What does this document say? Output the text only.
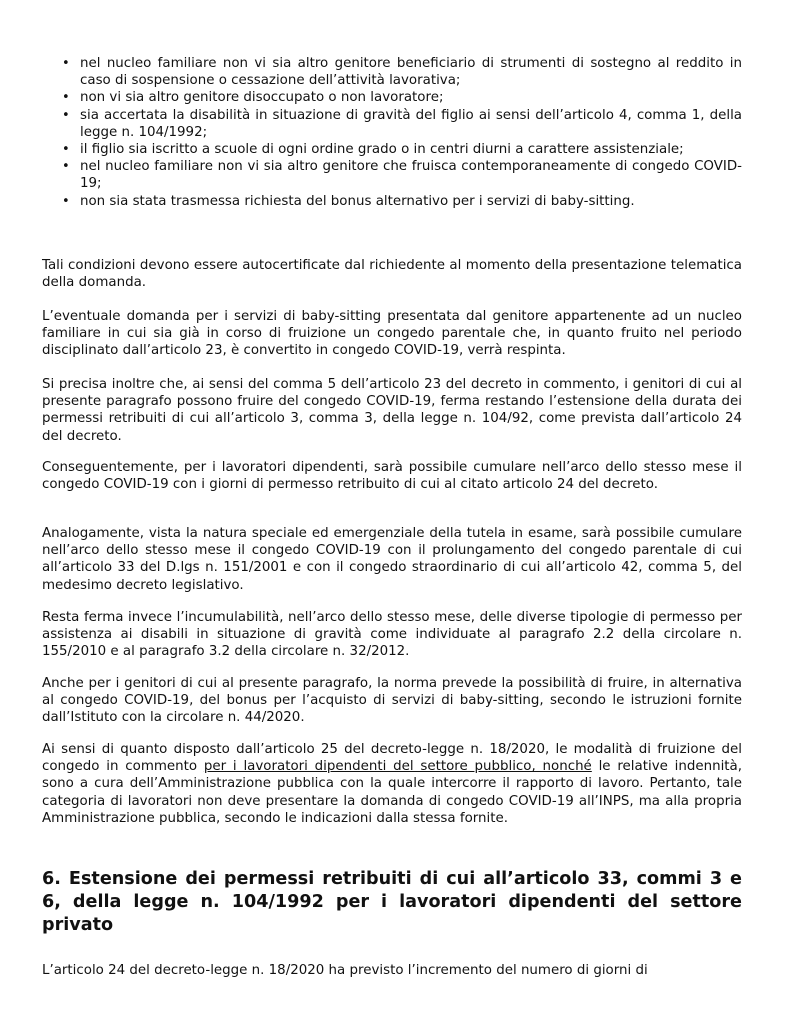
• nel nucleo familiare non vi sia altro genitore beneficiario di strumenti di sostegno al reddito in caso di sospensione o cessazione dell’attività lavorativa;
• non vi sia altro genitore disoccupato o non lavoratore;
• sia accertata la disabilità in situazione di gravità del figlio ai sensi dell’articolo 4, comma 1, della legge n. 104/1992;
• il figlio sia iscritto a scuole di ogni ordine grado o in centri diurni a carattere assistenziale;
• nel nucleo familiare non vi sia altro genitore che fruisca contemporaneamente di congedo COVID-19;
• non sia stata trasmessa richiesta del bonus alternativo per i servizi di baby-sitting.

Tali condizioni devono essere autocertificate dal richiedente al momento della presentazione telematica della domanda.

L’eventuale domanda per i servizi di baby-sitting presentata dal genitore appartenente ad un nucleo familiare in cui sia già in corso di fruizione un congedo parentale che, in quanto fruito nel periodo disciplinato dall’articolo 23, è convertito in congedo COVID-19, verrà respinta.

Si precisa inoltre che, ai sensi del comma 5 dell’articolo 23 del decreto in commento, i genitori di cui al presente paragrafo possono fruire del congedo COVID-19, ferma restando l’estensione della durata dei permessi retribuiti di cui all’articolo 3, comma 3, della legge n. 104/92, come prevista dall’articolo 24 del decreto.

Conseguentemente, per i lavoratori dipendenti, sarà possibile cumulare nell’arco dello stesso mese il congedo COVID-19 con i giorni di permesso retribuito di cui al citato articolo 24 del decreto.

Analogamente, vista la natura speciale ed emergenziale della tutela in esame, sarà possibile cumulare nell’arco dello stesso mese il congedo COVID-19 con il prolungamento del congedo parentale di cui all’articolo 33 del D.lgs n. 151/2001 e con il congedo straordinario di cui all’articolo 42, comma 5, del medesimo decreto legislativo.

Resta ferma invece l’incumulabilità, nell’arco dello stesso mese, delle diverse tipologie di permesso per assistenza ai disabili in situazione di gravità come individuate al paragrafo 2.2 della circolare n. 155/2010 e al paragrafo 3.2 della circolare n. 32/2012.

Anche per i genitori di cui al presente paragrafo, la norma prevede la possibilità di fruire, in alternativa al congedo COVID-19, del bonus per l’acquisto di servizi di baby-sitting, secondo le istruzioni fornite dall’Istituto con la circolare n. 44/2020.

Ai sensi di quanto disposto dall’articolo 25 del decreto-legge n. 18/2020, le modalità di fruizione del congedo in commento per i lavoratori dipendenti del settore pubblico, nonché le relative indennità, sono a cura dell’Amministrazione pubblica con la quale intercorre il rapporto di lavoro. Pertanto, tale categoria di lavoratori non deve presentare la domanda di congedo COVID-19 all’INPS, ma alla propria Amministrazione pubblica, secondo le indicazioni dalla stessa fornite.

6. Estensione dei permessi retribuiti di cui all’articolo 33, commi 3 e 6, della legge n. 104/1992 per i lavoratori dipendenti del settore privato

L’articolo 24 del decreto-legge n. 18/2020 ha previsto l’incremento del numero di giorni di
